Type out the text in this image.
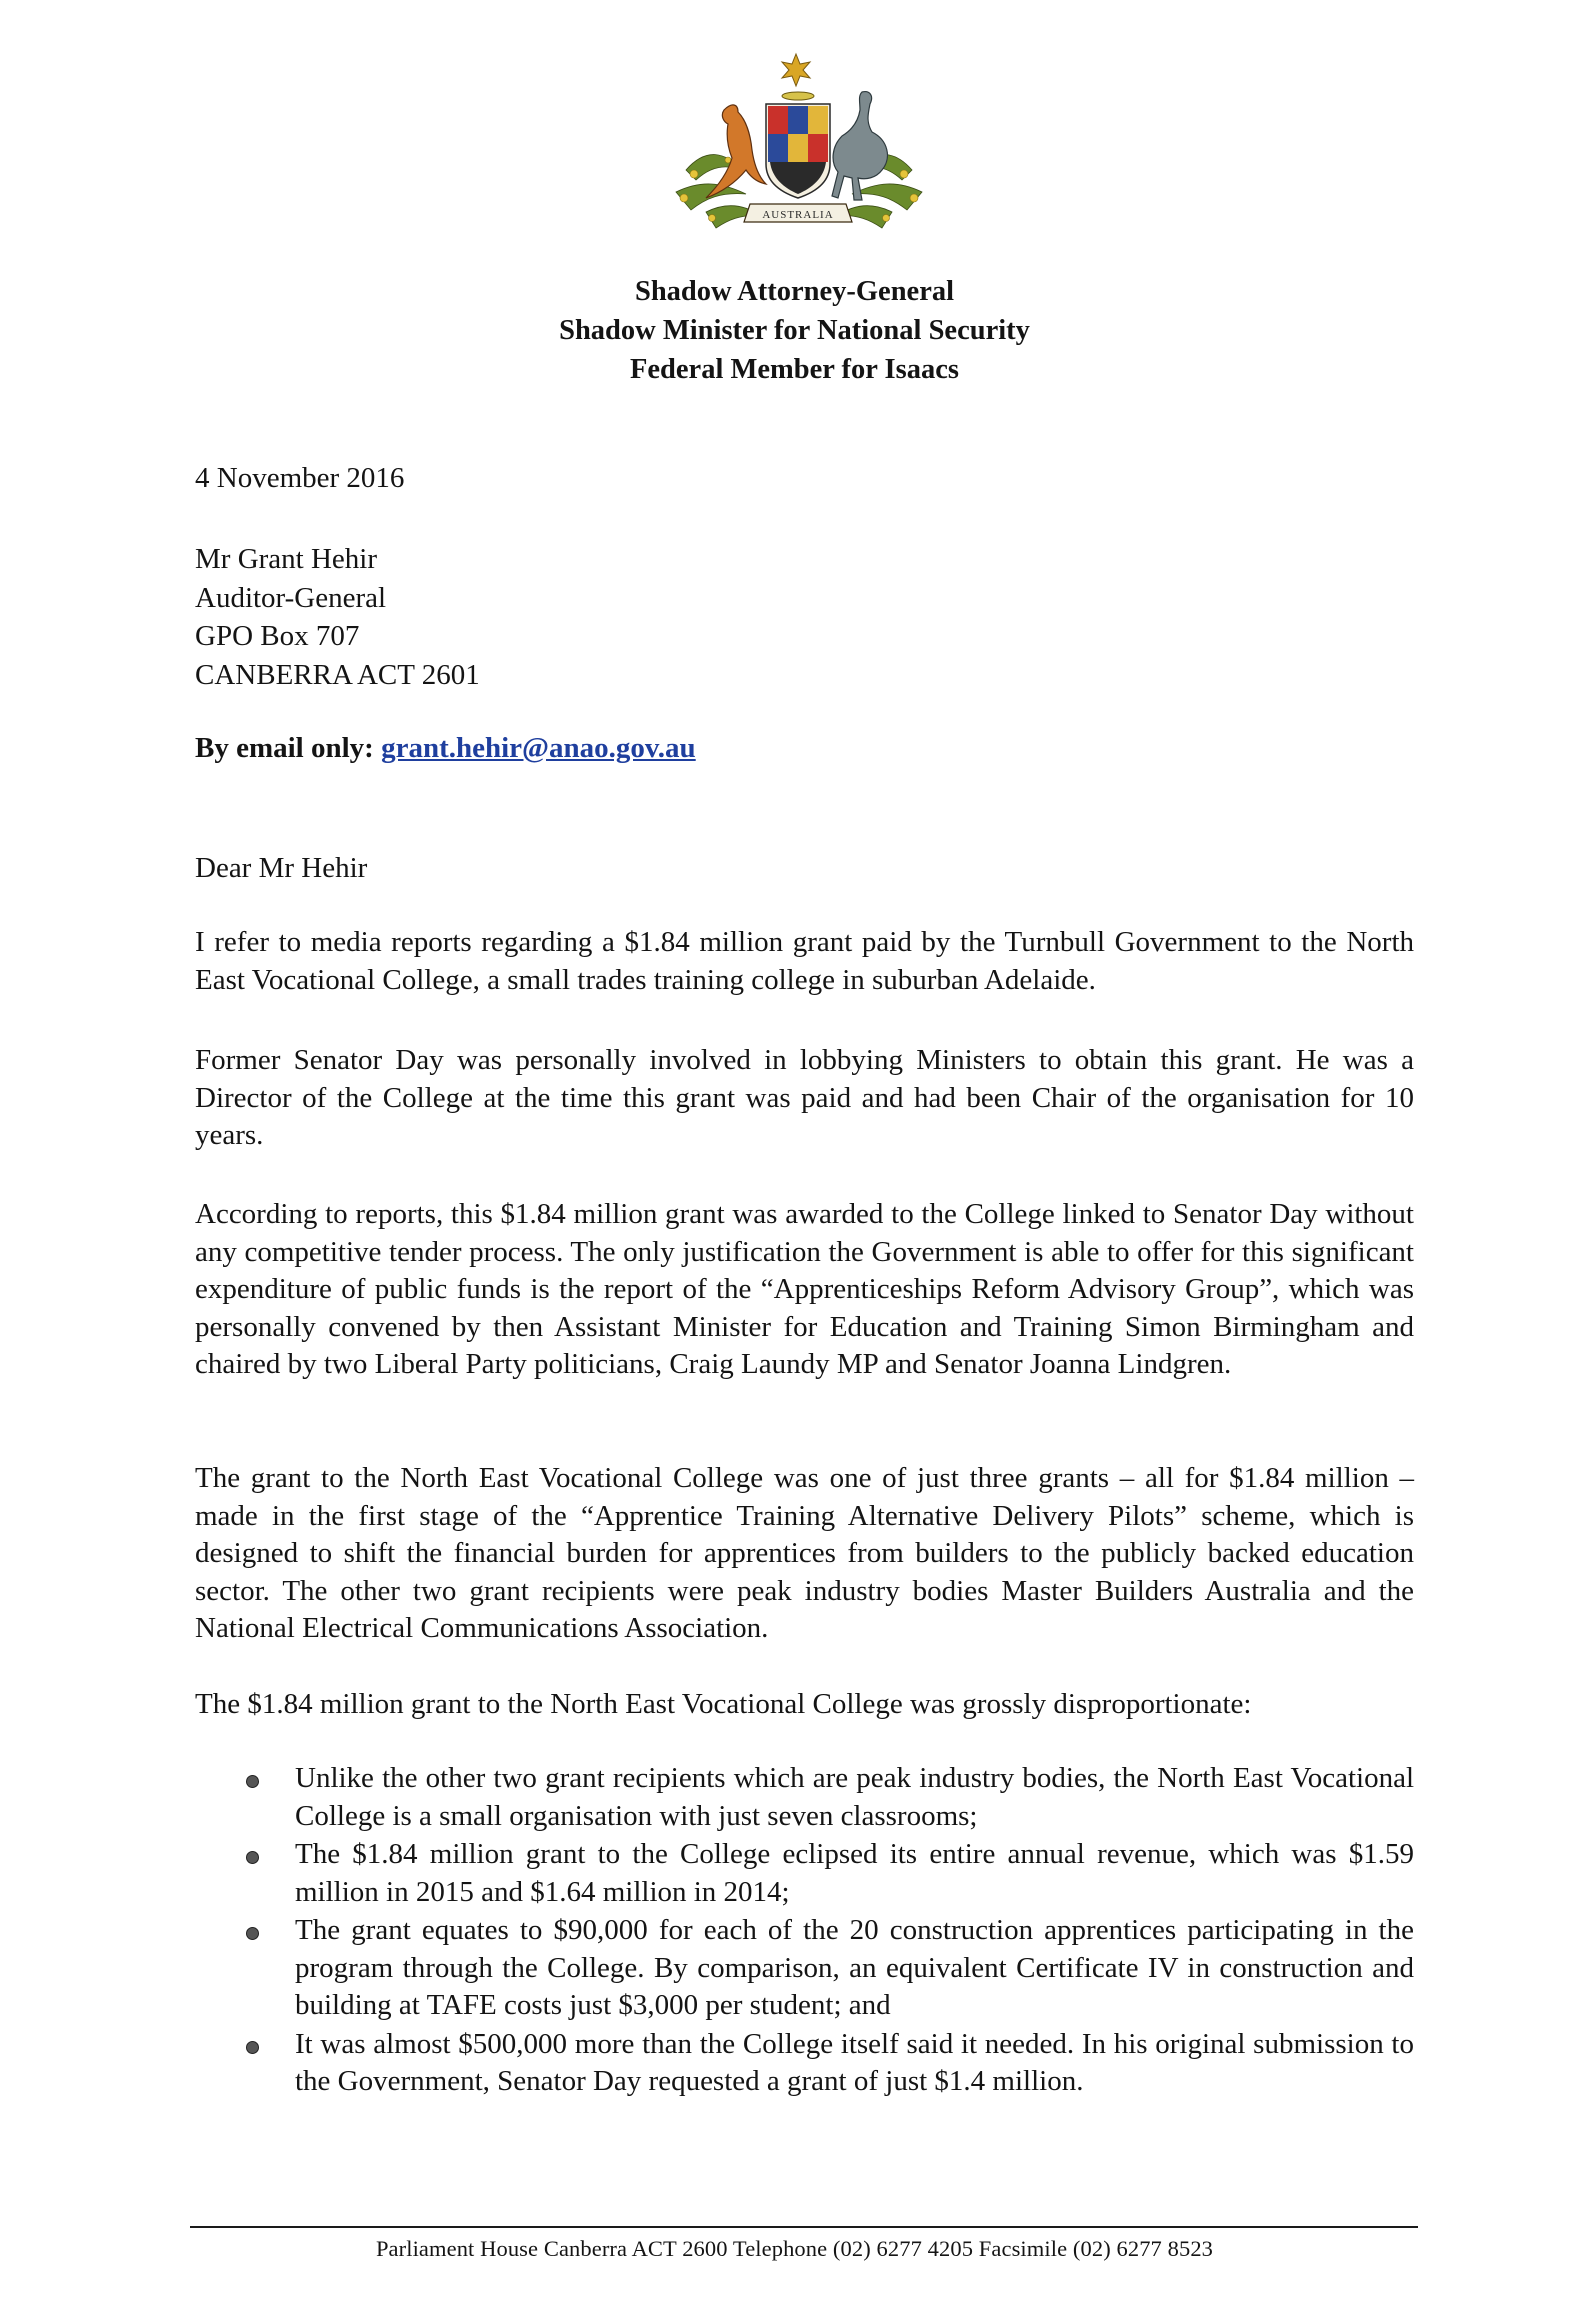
AUSTRALIA
Shadow Attorney-General
Shadow Minister for National Security
Federal Member for Isaacs
4 November 2016
Mr Grant Hehir
Auditor-General
GPO Box 707
CANBERRA ACT 2601
By email only: grant.hehir@anao.gov.au
Dear Mr Hehir
I refer to media reports regarding a $1.84 million grant paid by the Turnbull Government to the North East Vocational College, a small trades training college in suburban Adelaide.
Former Senator Day was personally involved in lobbying Ministers to obtain this grant. He was a Director of the College at the time this grant was paid and had been Chair of the organisation for 10 years.
According to reports, this $1.84 million grant was awarded to the College linked to Senator Day without any competitive tender process. The only justification the Government is able to offer for this significant expenditure of public funds is the report of the “Apprenticeships Reform Advisory Group”, which was personally convened by then Assistant Minister for Education and Training Simon Birmingham and chaired by two Liberal Party politicians, Craig Laundy MP and Senator Joanna Lindgren.
The grant to the North East Vocational College was one of just three grants – all for $1.84 million – made in the first stage of the “Apprentice Training Alternative Delivery Pilots” scheme, which is designed to shift the financial burden for apprentices from builders to the publicly backed education sector. The other two grant recipients were peak industry bodies Master Builders Australia and the National Electrical Communications Association.
The $1.84 million grant to the North East Vocational College was grossly disproportionate:
Unlike the other two grant recipients which are peak industry bodies, the North East Vocational College is a small organisation with just seven classrooms;
The $1.84 million grant to the College eclipsed its entire annual revenue, which was $1.59 million in 2015 and $1.64 million in 2014;
The grant equates to $90,000 for each of the 20 construction apprentices participating in the program through the College. By comparison, an equivalent Certificate IV in construction and building at TAFE costs just $3,000 per student; and
It was almost $500,000 more than the College itself said it needed. In his original submission to the Government, Senator Day requested a grant of just $1.4 million.
Parliament House Canberra ACT 2600 Telephone (02) 6277 4205 Facsimile (02) 6277 8523
